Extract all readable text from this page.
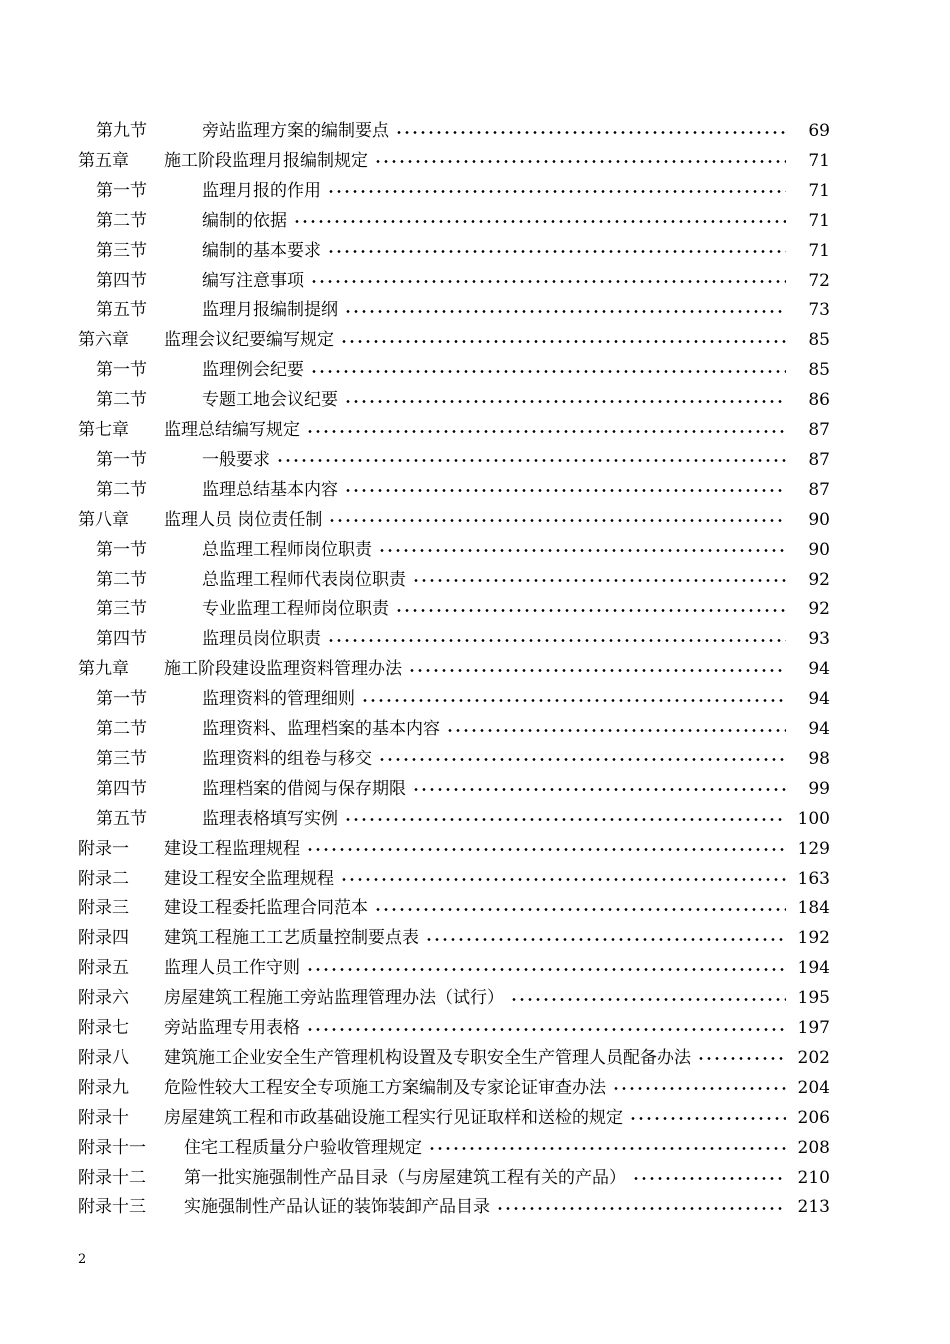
第九节	旁站监理方案的编制要点	69
第五章 施工阶段监理月报编制规定	71
第一节	监理月报的作用	71
第二节	编制的依据	71
第三节	编制的基本要求	71
第四节	编写注意事项	72
第五节	监理月报编制提纲	73
第六章 监理会议纪要编写规定	85
第一节	监理例会纪要	85
第二节	专题工地会议纪要	86
第七章 监理总结编写规定	87
第一节	一般要求	87
第二节	监理总结基本内容	87
第八章 监理人员 岗位责任制	90
第一节	总监理工程师岗位职责	90
第二节	总监理工程师代表岗位职责	92
第三节	专业监理工程师岗位职责	92
第四节	监理员岗位职责	93
第九章 施工阶段建设监理资料管理办法	94
第一节	监理资料的管理细则	94
第二节	监理资料、监理档案的基本内容	94
第三节	监理资料的组卷与移交	98
第四节	监理档案的借阅与保存期限	99
第五节	监理表格填写实例	100
附录一 建设工程监理规程	129
附录二 建设工程安全监理规程	163
附录三 建设工程委托监理合同范本	184
附录四 建筑工程施工工艺质量控制要点表	192
附录五 监理人员工作守则	194
附录六 房屋建筑工程施工旁站监理管理办法（试行）	195
附录七 旁站监理专用表格	197
附录八 建筑施工企业安全生产管理机构设置及专职安全生产管理人员配备办法	202
附录九 危险性较大工程安全专项施工方案编制及专家论证审查办法	204
附录十 房屋建筑工程和市政基础设施工程实行见证取样和送检的规定	206
附录十一 住宅工程质量分户验收管理规定	208
附录十二 第一批实施强制性产品目录（与房屋建筑工程有关的产品）	210
附录十三 实施强制性产品认证的装饰装卸产品目录	213
2
